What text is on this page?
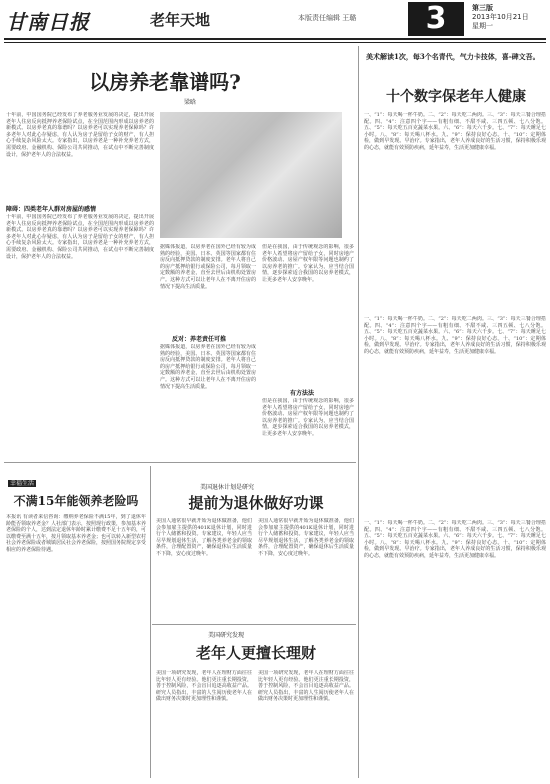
甘南日报	老年天地	本版责任编辑 王璐	3	第三版
2013年10月21日
星期一
以房养老靠谱吗?
梁晗
十年前，中国国务院已经发布了养老服务业发展的决定，提出开展老年人住房反向抵押养老保险试点，在全国范围内形成以房养老的新模式。以房养老真的靠谱吗？以房养老可以实现养老保障吗？许多老年人对此心存疑虑，有人认为房子是留给子女的财产，有人担心手续复杂风险太大。专家指出，以房养老是一种补充养老方式，需要政府、金融机构、保险公司共同推动，在试点中不断完善制度设计，保护老年人的合法权益。
障碍：四类老年人群对房屋的感情
十年前，中国国务院已经发布了养老服务业发展的决定，提出开展老年人住房反向抵押养老保险试点，在全国范围内形成以房养老的新模式。以房养老真的靠谱吗？以房养老可以实现养老保障吗？许多老年人对此心存疑虑，有人认为房子是留给子女的财产，有人担心手续复杂风险太大。专家指出，以房养老是一种补充养老方式，需要政府、金融机构、保险公司共同推动，在试点中不断完善制度设计，保护老年人的合法权益。
据媒体报道，以房养老在国外已经有较为成熟的经验，美国、日本、英国等国家都有住房反向抵押贷款的制度安排。老年人将自己的房产抵押给银行或保险公司，每月领取一定数额的养老金，直至去世后由机构处置房产。这种方式可以让老年人在不离开住房的情况下提高生活质量。
反对：养老责任可推
据媒体报道，以房养老在国外已经有较为成熟的经验，美国、日本、英国等国家都有住房反向抵押贷款的制度安排。老年人将自己的房产抵押给银行或保险公司，每月领取一定数额的养老金，直至去世后由机构处置房产。这种方式可以让老年人在不离开住房的情况下提高生活质量。
但是在我国，由于传统观念的影响，很多老年人希望将房产留给子女，同时房地产价格波动、房屋产权年限等问题也制约了以房养老的推广。专家认为，应当结合国情，逐步探索适合我国的以房养老模式，让更多老年人安享晚年。
有方法法
但是在我国，由于传统观念的影响，很多老年人希望将房产留给子女，同时房地产价格波动、房屋产权年限等问题也制约了以房养老的推广。专家认为，应当结合国情，逐步探索适合我国的以房养老模式，让更多老年人安享晚年。
美术解读1次，每3个名青代，气力卡技体，喜-碑文吾。
十个数字保老年人健康
一、“1”：每天喝一杯牛奶。二、“2”：每天吃二两肉。三、“3”：每天三餐合理搭配。四、“4”：注意四个字——有粗有细、不甜不咸、三四五顿、七八分饱。五、“5”：每天吃五百克蔬菜水果。六、“6”：每天六千步。七、“7”：每天睡足七小时。八、“8”：每天喝八杯水。九、“9”：保持良好心态。十、“10”：定期体检，做到早发现、早治疗。专家指出，老年人养成良好的生活习惯，保持积极乐观的心态，就能有效预防疾病，延年益寿，生活更加健康幸福。
一、“1”：每天喝一杯牛奶。二、“2”：每天吃二两肉。三、“3”：每天三餐合理搭配。四、“4”：注意四个字——有粗有细、不甜不咸、三四五顿、七八分饱。五、“5”：每天吃五百克蔬菜水果。六、“6”：每天六千步。七、“7”：每天睡足七小时。八、“8”：每天喝八杯水。九、“9”：保持良好心态。十、“10”：定期体检，做到早发现、早治疗。专家指出，老年人养成良好的生活习惯，保持积极乐观的心态，就能有效预防疾病，延年益寿，生活更加健康幸福。
一、“1”：每天喝一杯牛奶。二、“2”：每天吃二两肉。三、“3”：每天三餐合理搭配。四、“4”：注意四个字——有粗有细、不甜不咸、三四五顿、七八分饱。五、“5”：每天吃五百克蔬菜水果。六、“6”：每天六千步。七、“7”：每天睡足七小时。八、“8”：每天喝八杯水。九、“9”：保持良好心态。十、“10”：定期体检，做到早发现、早治疗。专家指出，老年人养成良好的生活习惯，保持积极乐观的心态，就能有效预防疾病，延年益寿，生活更加健康幸福。
幸福生活
不满15年能领养老险吗
本报讯 有读者来信咨询：缴纳养老保险不满15年，到了退休年龄能否领取养老金？人社部门表示，按照现行政策，参加基本养老保险的个人，达到法定退休年龄时累计缴费不足十五年的，可以缴费至满十五年，按月领取基本养老金；也可以转入新型农村社会养老保险或者城镇居民社会养老保险，按照国务院规定享受相应的养老保险待遇。
美国退休计划是研究
提前为退休做好功课
美国人通常很早就开始为退休做准备，他们会参加雇主提供的401K退休计划，同时进行个人储蓄和投资。专家建议，年轻人应当尽早规划退休生活，了解各类养老金的领取条件，合理配置资产，确保退休后生活质量不下降，安心度过晚年。
美国人通常很早就开始为退休做准备，他们会参加雇主提供的401K退休计划，同时进行个人储蓄和投资。专家建议，年轻人应当尽早规划退休生活，了解各类养老金的领取条件，合理配置资产，确保退休后生活质量不下降，安心度过晚年。
美国研究发现
老年人更擅长理财
美国一项研究发现，老年人在理财方面往往比年轻人更有经验。他们更注重长期投资，善于控制风险，不会盲目追逐高收益产品。研究人员指出，丰富的人生阅历使老年人在做出财务决策时更加理性和谨慎。
美国一项研究发现，老年人在理财方面往往比年轻人更有经验。他们更注重长期投资，善于控制风险，不会盲目追逐高收益产品。研究人员指出，丰富的人生阅历使老年人在做出财务决策时更加理性和谨慎。
